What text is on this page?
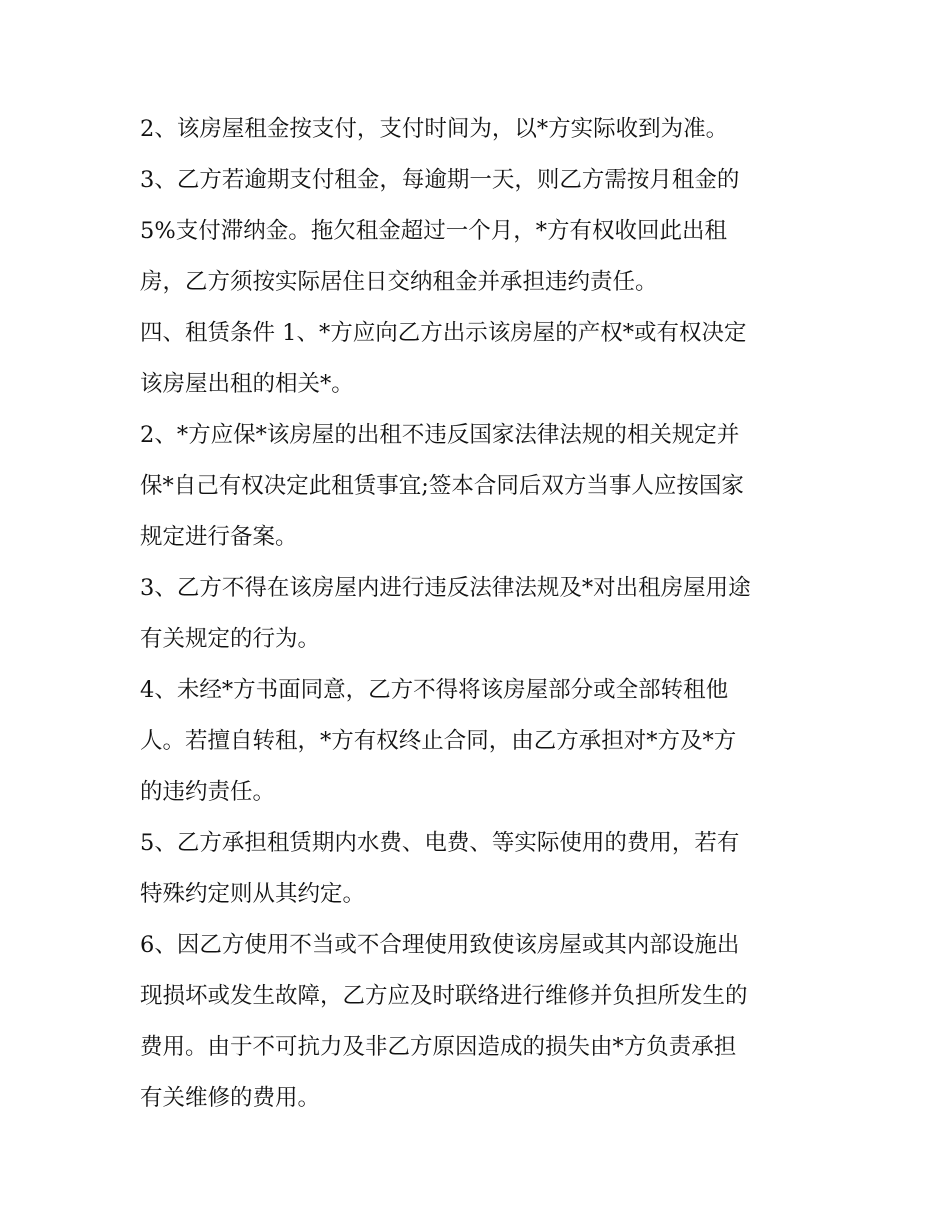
2、该房屋租金按支付，支付时间为，以*方实际收到为准。
3、乙方若逾期支付租金，每逾期一天，则乙方需按月租金的
5%支付滞纳金。拖欠租金超过一个月，*方有权收回此出租
房，乙方须按实际居住日交纳租金并承担违约责任。
四、租赁条件 1、*方应向乙方出示该房屋的产权*或有权决定
该房屋出租的相关*。
2、*方应保*该房屋的出租不违反国家法律法规的相关规定并
保*自己有权决定此租赁事宜;签本合同后双方当事人应按国家
规定进行备案。
3、乙方不得在该房屋内进行违反法律法规及*对出租房屋用途
有关规定的行为。
4、未经*方书面同意，乙方不得将该房屋部分或全部转租他
人。若擅自转租，*方有权终止合同，由乙方承担对*方及*方
的违约责任。
5、乙方承担租赁期内水费、电费、等实际使用的费用，若有
特殊约定则从其约定。
6、因乙方使用不当或不合理使用致使该房屋或其内部设施出
现损坏或发生故障，乙方应及时联络进行维修并负担所发生的
费用。由于不可抗力及非乙方原因造成的损失由*方负责承担
有关维修的费用。
